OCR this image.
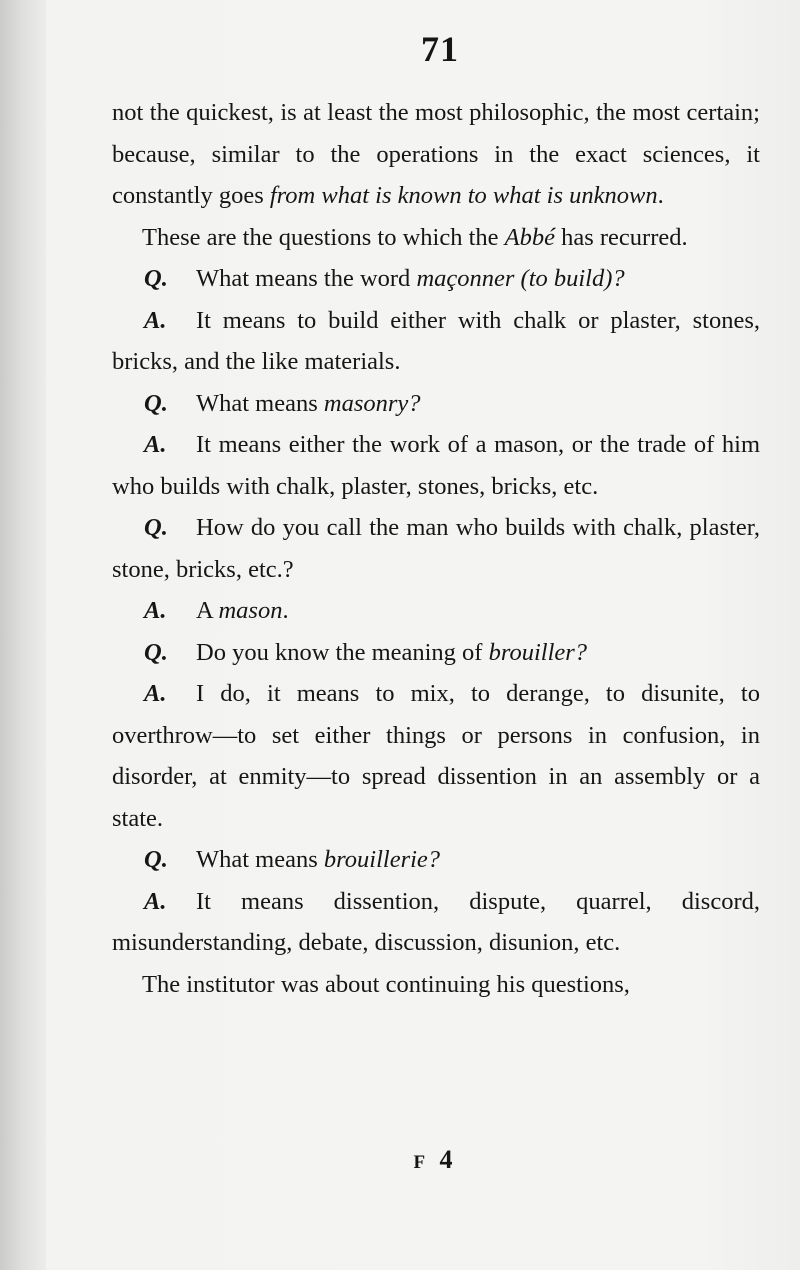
71

not the quickest, is at least the most philosophic, the most certain; because, similar to the operations in the exact sciences, it constantly goes from what is known to what is unknown.

These are the questions to which the Abbé has recurred.

Q. What means the word maçonner (to build)?

A. It means to build either with chalk or plaster, stones, bricks, and the like materials.

Q. What means masonry?

A. It means either the work of a mason, or the trade of him who builds with chalk, plaster, stones, bricks, etc.

Q. How do you call the man who builds with chalk, plaster, stone, bricks, etc.?

A. A mason.

Q. Do you know the meaning of brouiller?

A. I do, it means to mix, to derange, to disunite, to overthrow—to set either things or persons in confusion, in disorder, at enmity—to spread dissention in an assembly or a state.

Q. What means brouillerie?

A. It means dissention, dispute, quarrel, discord, misunderstanding, debate, discussion, disunion, etc.

The institutor was about continuing his questions,

F 4
